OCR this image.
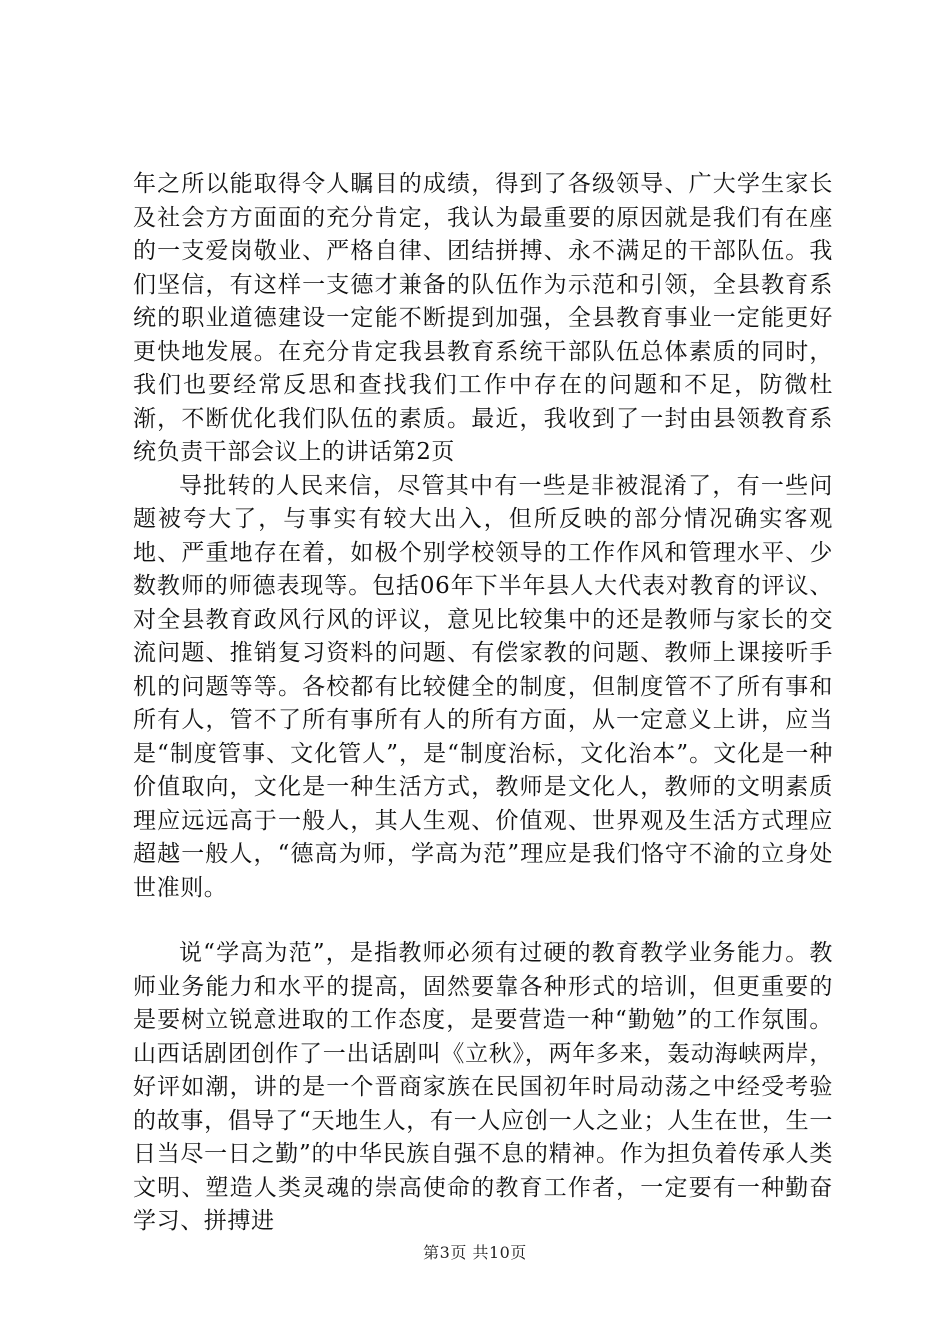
年之所以能取得令人瞩目的成绩，得到了各级领导、广大学生家长及社会方方面面的充分肯定，我认为最重要的原因就是我们有在座的一支爱岗敬业、严格自律、团结拼搏、永不满足的干部队伍。我们坚信，有这样一支德才兼备的队伍作为示范和引领，全县教育系统的职业道德建设一定能不断提到加强，全县教育事业一定能更好更快地发展。在充分肯定我县教育系统干部队伍总体素质的同时，我们也要经常反思和查找我们工作中存在的问题和不足，防微杜渐，不断优化我们队伍的素质。最近，我收到了一封由县领教育系统负责干部会议上的讲话第2页

导批转的人民来信，尽管其中有一些是非被混淆了，有一些问题被夸大了，与事实有较大出入，但所反映的部分情况确实客观地、严重地存在着，如极个别学校领导的工作作风和管理水平、少数教师的师德表现等。包括06年下半年县人大代表对教育的评议、对全县教育政风行风的评议，意见比较集中的还是教师与家长的交流问题、推销复习资料的问题、有偿家教的问题、教师上课接听手机的问题等等。各校都有比较健全的制度，但制度管不了所有事和所有人，管不了所有事所有人的所有方面，从一定意义上讲，应当是“制度管事、文化管人”，是“制度治标，文化治本”。文化是一种价值取向，文化是一种生活方式，教师是文化人，教师的文明素质理应远远高于一般人，其人生观、价值观、世界观及生活方式理应超越一般人，“德高为师，学高为范”理应是我们恪守不渝的立身处世准则。

说“学高为范”，是指教师必须有过硬的教育教学业务能力。教师业务能力和水平的提高，固然要靠各种形式的培训，但更重要的是要树立锐意进取的工作态度，是要营造一种“勤勉”的工作氛围。山西话剧团创作了一出话剧叫《立秋》，两年多来，轰动海峡两岸，好评如潮，讲的是一个晋商家族在民国初年时局动荡之中经受考验的故事，倡导了“天地生人，有一人应创一人之业；人生在世，生一日当尽一日之勤”的中华民族自强不息的精神。作为担负着传承人类文明、塑造人类灵魂的崇高使命的教育工作者，一定要有一种勤奋学习、拼搏进

第3页 共10页
